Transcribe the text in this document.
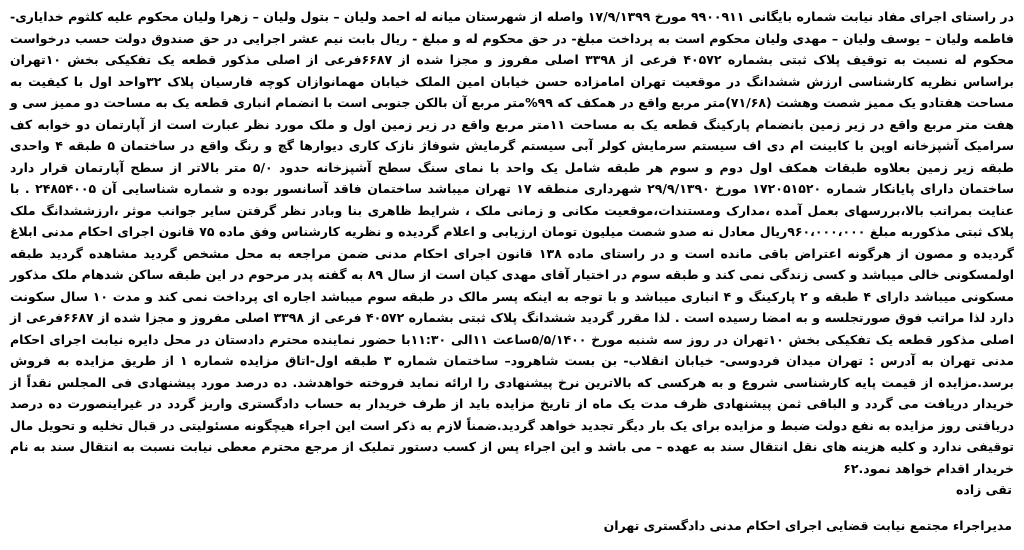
در راستای اجرای مفاد نیابت شماره بایگانی ۹۹۰۰۹۱۱ مورخ ۱۷/۹/۱۳۹۹ واصله از شهرستان میانه له احمد ولیان – بتول ولیان – زهرا ولیان محکوم علیه کلثوم خدایاری- فاطمه ولیان – یوسف ولیان – مهدی ولیان محکوم است به پرداخت مبلغ- در حق محکوم له و مبلغ - ریال بابت نیم عشر اجرایی در حق صندوق دولت حسب درخواست محکوم له نسبت به توقیف پلاک ثبتی بشماره ۴۰۵۷۲ فرعی از ۳۳۹۸ اصلی مفروز و مجزا شده از ۶۶۸۷فرعی از اصلی مذکور قطعه یک تفکیکی بخش ۱۰تهران براساس نظریه کارشناسی ارزش ششدانگ در موقعیت تهران امامزاده حسن خیابان امین الملک خیابان مهمانوازان کوچه فارسیان پلاک ۳۲واحد اول با کیفیت به مساحت هفتادو یک ممیز شصت وهشت (۷۱/۶۸)متر مربع واقع در همکف که ۹۹%متر مربع آن بالکن جنوبی است با انضمام انباری قطعه یک به مساحت دو ممیز سی و هفت متر مربع واقع در زیر زمین بانضمام پارکینگ قطعه یک به مساحت ۱۱متر مربع واقع در زیر زمین اول و ملک مورد نظر عبارت است از آپارتمان دو خوابه کف سرامیک آشپزخانه اوپن با کابینت ام دی اف سیستم سرمایش کولر آبی سیستم گرمایش شوفاژ نازک کاری دیوارها گچ و رنگ واقع در ساختمان ۵ طبقه ۴ واحدی طبقه زیر زمین بعلاوه طبقات همکف اول دوم و سوم هر طبقه شامل یک واحد با نمای سنگ سطح آشپزخانه حدود ۵/۰ متر بالاتر از سطح آپارتمان قرار دارد ساختمان دارای پایانکار شماره ۱۷۲۰۵۱۵۲۰ مورخ ۲۹/۹/۱۳۹۰ شهرداری منطقه ۱۷ تهران میباشد ساختمان فاقد آسانسور بوده و شماره شناسایی آن ۲۴۸۵۴۰۰۵ . با عنایت بمراتب بالا،بررسهای بعمل آمده ،مدارک ومستندات،موقعیت مکانی و زمانی ملک ، شرایط ظاهری بنا وبادر نظر گرفتن سایر جوانب موثر ،ارزششدانگ ملک پلاک ثبتی مذکوربه مبلغ ۹۶۰،۰۰۰،۰۰۰ریال معادل نه صدو شصت میلیون تومان ارزیابی و اعلام گردیده و نظریه کارشناس وفق ماده ۷۵ قانون اجرای احکام مدنی ابلاغ گردیده و مصون از هرگونه اعتراض باقی مانده است و در راستای ماده ۱۳۸ قانون اجرای احکام مدنی ضمن مراجعه به محل مشخص گردید مشاهده گردید طبقه اولمسکونی خالی میباشد و کسی زندگی نمی کند و طبقه سوم در اختیار آقای مهدی کیان است از سال ۸۹ به گفته پدر مرحوم در این طبقه ساکن شدهام ملک مذکور مسکونی میباشد دارای ۴ طبقه و ۲ پارکینگ و ۴ انباری میباشد و با توجه به اینکه پسر مالک در طبقه سوم میباشد اجاره ای پرداخت نمی کند و مدت ۱۰ سال سکونت دارد لذا مراتب فوق صورتجلسه و به امضا رسیده است . لذا مقرر گردید ششدانگ پلاک ثبتی بشماره ۴۰۵۷۲ فرعی از ۳۳۹۸ اصلی مفروز و مجزا شده از ۶۶۸۷فرعی از اصلی مذکور قطعه یک تفکیکی بخش ۱۰تهران در روز سه شنبه مورخ ۵/۵/۱۴۰۰ساعت ۱۱الی ۱۱:۳۰با حضور نماینده محترم دادستان در محل دایره نیابت اجرای احکام مدنی تهران به آدرس : تهران میدان فردوسی- خیابان انقلاب- بن بست شاهرود– ساختمان شماره ۳ طبقه اول-اتاق مزایده شماره ۱ از طریق مزایده به فروش برسد.مزایده از قیمت پایه کارشناسی شروع و به هرکسی که بالاترین نرخ پیشنهادی را ارائه نماید فروخته خواهدشد. ده درصد مورد پیشنهادی فی المجلس نقداً از خریدار دریافت می گردد و الباقی ثمن پیشنهادی ظرف مدت یک ماه از تاریخ مزایده باید از طرف خریدار به حساب دادگستری واریز گردد در غیراینصورت ده درصد دریافتی روز مزایده به نفع دولت ضبط و مزایده برای یک بار دیگر تجدید خواهد گردید.ضمناً لازم به ذکر است این اجراء هیچگونه مسئولیتی در قبال تخلیه و تحویل مال توقیفی ندارد و کلیه هزینه های نقل انتقال سند به عهده – می باشد و این اجراء پس از کسب دستور تملیک از مرجع محترم معطی نیابت نسبت به انتقال سند به نام خریدار اقدام خواهد نمود.۶۲

تقی زاده

مدیراجراء مجتمع نیابت قضایی اجرای احکام مدنی دادگستری تهران
